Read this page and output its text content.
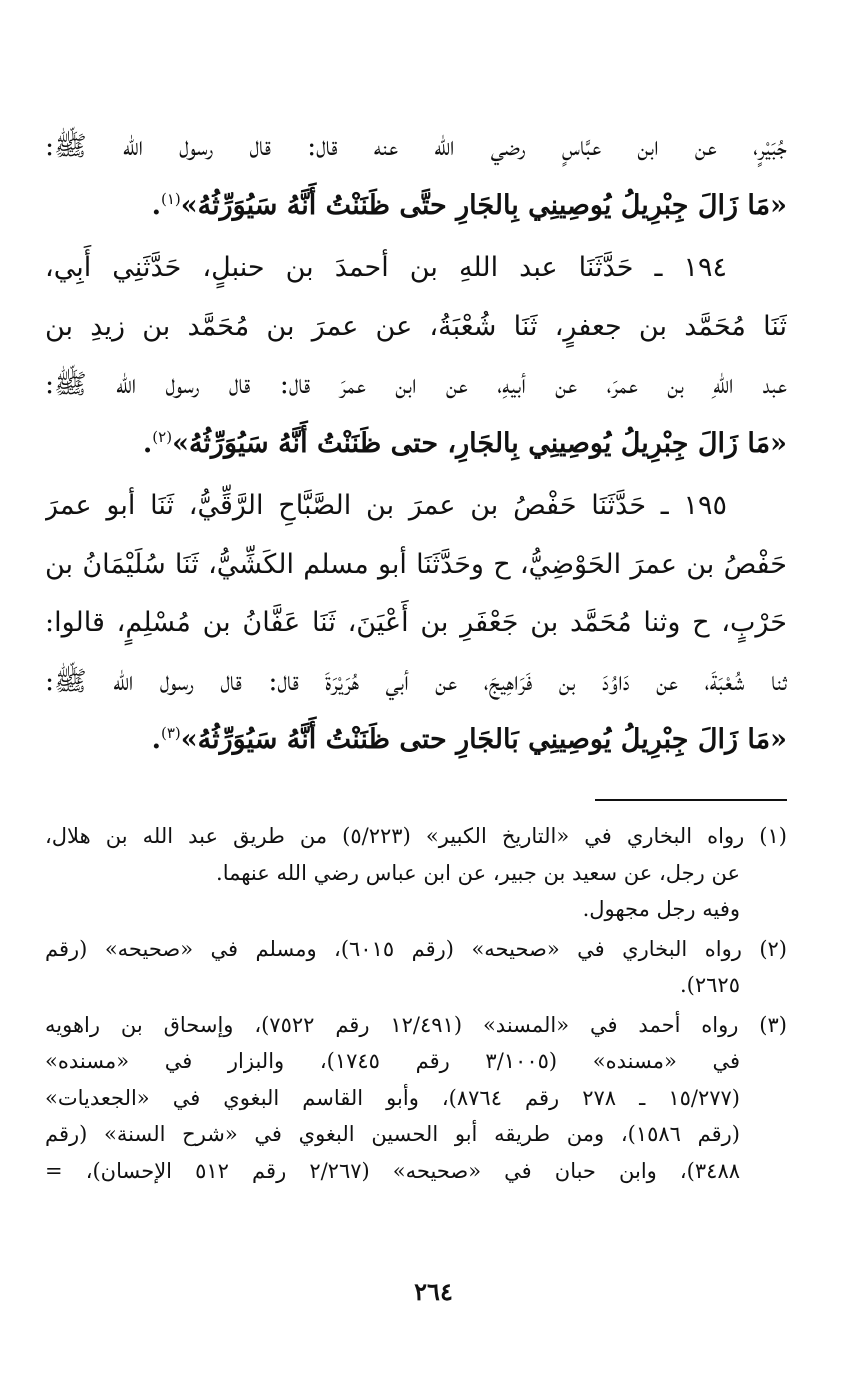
جُبَيْرٍ، عن ابن عبَّاسٍ رضي الله عنه قال: قال رسول الله ﷺ:
«مَا زَالَ جِبْرِيلُ يُوصِينِي بِالجَارِ حتَّى ظَنَنْتُ أَنَّهُ سَيُوَرِّثُهُ»$^{(١)}$.
١٩٤ ـ حَدَّثَنَا عبد اللهِ بن أحمدَ بن حنبلٍ، حَدَّثَنِي أَبِي،
ثَنَا مُحَمَّد بن جعفرٍ، ثَنَا شُعْبَةُ، عن عمرَ بن مُحَمَّد بن زيدِ بن
عبد اللهِ بن عمرَ، عن أبيهِ، عن ابن عمرَ قال: قال رسول الله ﷺ:
«مَا زَالَ جِبْرِيلُ يُوصِينِي بِالجَارِ، حتى ظَنَنْتُ أَنَّهُ سَيُوَرِّثُهُ»$^{(٢)}$.
١٩٥ ـ حَدَّثَنَا حَفْصُ بن عمرَ بن الصَّبَّاحِ الرَّقِّيُّ، ثَنَا أبو عمرَ
حَفْصُ بن عمرَ الحَوْضِيُّ، ح وحَدَّثَنَا أبو مسلم الكَشِّيُّ، ثَنَا سُلَيْمَانُ بن
حَرْبٍ، ح وثنا مُحَمَّد بن جَعْفَرِ بن أَعْيَنَ، ثَنَا عَفَّانُ بن مُسْلِمٍ، قالوا:
ثنا شُعْبَةَ، عن دَاوُدَ بن فَرَاهِيجَ، عن أبي هُرَيْرَةَ قال: قال رسول الله ﷺ:
«مَا زَالَ جِبْرِيلُ يُوصِينِي بَالجَارِ حتى ظَنَنْتُ أَنَّهُ سَيُوَرِّثُهُ»$^{(٣)}$.
(١) رواه البخاري في «التاريخ الكبير» (٥/٢٢٣) من طريق عبد الله بن هلال،
عن رجل، عن سعيد بن جبير، عن ابن عباس رضي الله عنهما.
وفيه رجل مجهول.
(٢) رواه البخاري في «صحيحه» (رقم ٦٠١٥)، ومسلم في «صحيحه» (رقم
٢٦٢٥).
(٣) رواه أحمد في «المسند» (١٢/٤٩١ رقم ٧٥٢٢)، وإسحاق بن راهويه
في «مسنده» (٣/١٠٠٥ رقم ١٧٤٥)، والبزار في «مسنده»
(١٥/٢٧٧ ـ ٢٧٨ رقم ٨٧٦٤)، وأبو القاسم البغوي في «الجعديات»
(رقم ١٥٨٦)، ومن طريقه أبو الحسين البغوي في «شرح السنة» (رقم
٣٤٨٨)، وابن حبان في «صحيحه» (٢/٢٦٧ رقم ٥١٢ الإحسان)، =
٢٦٤
